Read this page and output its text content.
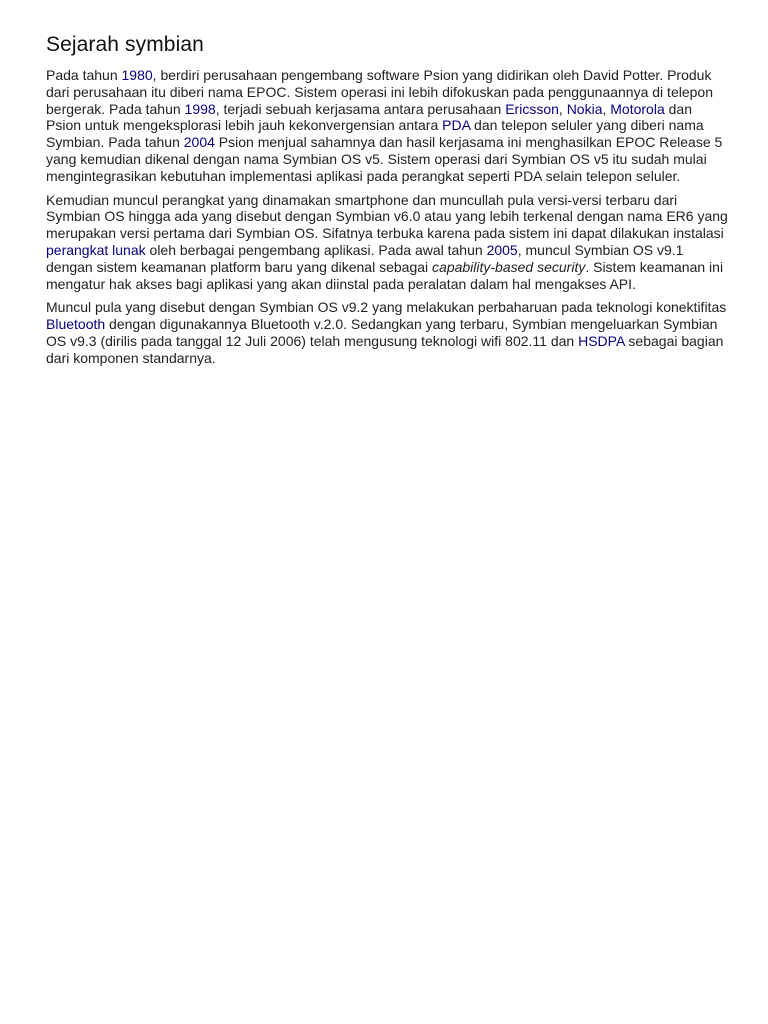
Sejarah symbian

Pada tahun 1980, berdiri perusahaan pengembang software Psion yang didirikan oleh David Potter. Produk dari perusahaan itu diberi nama EPOC. Sistem operasi ini lebih difokuskan pada penggunaannya di telepon bergerak. Pada tahun 1998, terjadi sebuah kerjasama antara perusahaan Ericsson, Nokia, Motorola dan Psion untuk mengeksplorasi lebih jauh kekonvergensian antara PDA dan telepon seluler yang diberi nama Symbian. Pada tahun 2004 Psion menjual sahamnya dan hasil kerjasama ini menghasilkan EPOC Release 5 yang kemudian dikenal dengan nama Symbian OS v5. Sistem operasi dari Symbian OS v5 itu sudah mulai mengintegrasikan kebutuhan implementasi aplikasi pada perangkat seperti PDA selain telepon seluler.

Kemudian muncul perangkat yang dinamakan smartphone dan muncullah pula versi-versi terbaru dari Symbian OS hingga ada yang disebut dengan Symbian v6.0 atau yang lebih terkenal dengan nama ER6 yang merupakan versi pertama dari Symbian OS. Sifatnya terbuka karena pada sistem ini dapat dilakukan instalasi perangkat lunak oleh berbagai pengembang aplikasi. Pada awal tahun 2005, muncul Symbian OS v9.1 dengan sistem keamanan platform baru yang dikenal sebagai capability-based security. Sistem keamanan ini mengatur hak akses bagi aplikasi yang akan diinstal pada peralatan dalam hal mengakses API.

Muncul pula yang disebut dengan Symbian OS v9.2 yang melakukan perbaharuan pada teknologi konektifitas Bluetooth dengan digunakannya Bluetooth v.2.0. Sedangkan yang terbaru, Symbian mengeluarkan Symbian OS v9.3 (dirilis pada tanggal 12 Juli 2006) telah mengusung teknologi wifi 802.11 dan HSDPA sebagai bagian dari komponen standarnya.
